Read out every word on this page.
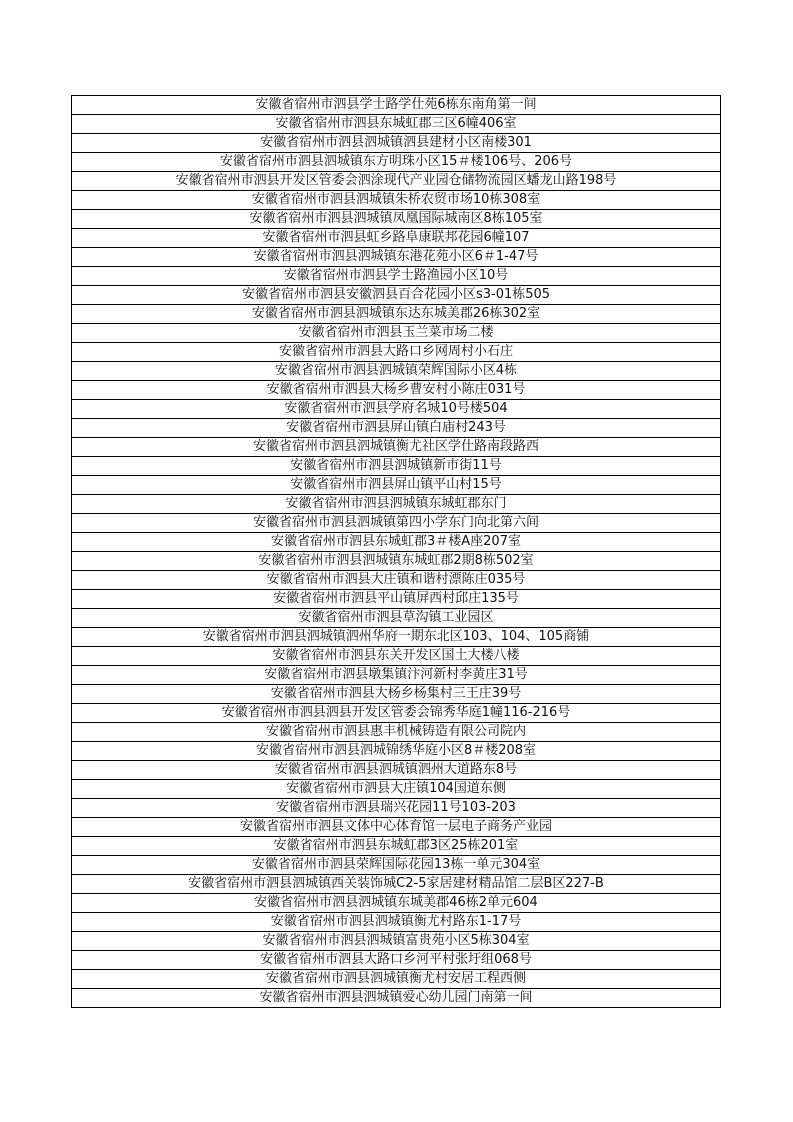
安徽省宿州市泗县学士路学仕苑6栋东南角第一间
安徽省宿州市泗县东城虹郡三区6幢406室
安徽省宿州市泗县泗城镇泗县建材小区南楼301
安徽省宿州市泗县泗城镇东方明珠小区15＃楼106号、206号
安徽省宿州市泗县开发区管委会泗涂现代产业园仓储物流园区蟠龙山路198号
安徽省宿州市泗县泗城镇朱桥农贸市场10栋308室
安徽省宿州市泗县泗城镇凤凰国际城南区8栋105室
安徽省宿州市泗县虹乡路阜康联邦花园6幢107
安徽省宿州市泗县泗城镇东港花苑小区6＃1-47号
安徽省宿州市泗县学士路渔园小区10号
安徽省宿州市泗县安徽泗县百合花园小区s3-01栋505
安徽省宿州市泗县泗城镇东达东城美郡26栋302室
安徽省宿州市泗县玉兰菜市场二楼
安徽省宿州市泗县大路口乡网周村小石庄
安徽省宿州市泗县泗城镇荣辉国际小区4栋
安徽省宿州市泗县大杨乡曹安村小陈庄031号
安徽省宿州市泗县学府名城10号楼504
安徽省宿州市泗县屏山镇白庙村243号
安徽省宿州市泗县泗城镇衡尤社区学仕路南段路西
安徽省宿州市泗县泗城镇新市街11号
安徽省宿州市泗县屏山镇平山村15号
安徽省宿州市泗县泗城镇东城虹郡东门
安徽省宿州市泗县泗城镇第四小学东门向北第六间
安徽省宿州市泗县东城虹郡3＃楼A座207室
安徽省宿州市泗县泗城镇东城虹郡2期8栋502室
安徽省宿州市泗县大庄镇和谐村漂陈庄035号
安徽省宿州市泗县平山镇屏西村邱庄135号
安徽省宿州市泗县草沟镇工业园区
安徽省宿州市泗县泗城镇泗州华府一期东北区103、104、105商铺
安徽省宿州市泗县东关开发区国土大楼八楼
安徽省宿州市泗县墩集镇汴河新村李黄庄31号
安徽省宿州市泗县大杨乡杨集村三王庄39号
安徽省宿州市泗县泗县开发区管委会锦秀华庭1幢116-216号
安徽省宿州市泗县惠丰机械铸造有限公司院内
安徽省宿州市泗县泗城锦绣华庭小区8＃楼208室
安徽省宿州市泗县泗城镇泗州大道路东8号
安徽省宿州市泗县大庄镇104国道东侧
安徽省宿州市泗县瑞兴花园11号103-203
安徽省宿州市泗县文体中心体育馆一层电子商务产业园
安徽省宿州市泗县东城虹郡3区25栋201室
安徽省宿州市泗县荣辉国际花园13栋一单元304室
安徽省宿州市泗县泗城镇西关装饰城C2-5家居建材精品馆二层B区227-B
安徽省宿州市泗县泗城镇东城美郡46栋2单元604
安徽省宿州市泗县泗城镇衡尤村路东1-17号
安徽省宿州市泗县泗城镇富贵苑小区5栋304室
安徽省宿州市泗县大路口乡河平村张圩组068号
安徽省宿州市泗县泗城镇衡尤村安居工程西侧
安徽省宿州市泗县泗城镇爱心幼儿园门南第一间
